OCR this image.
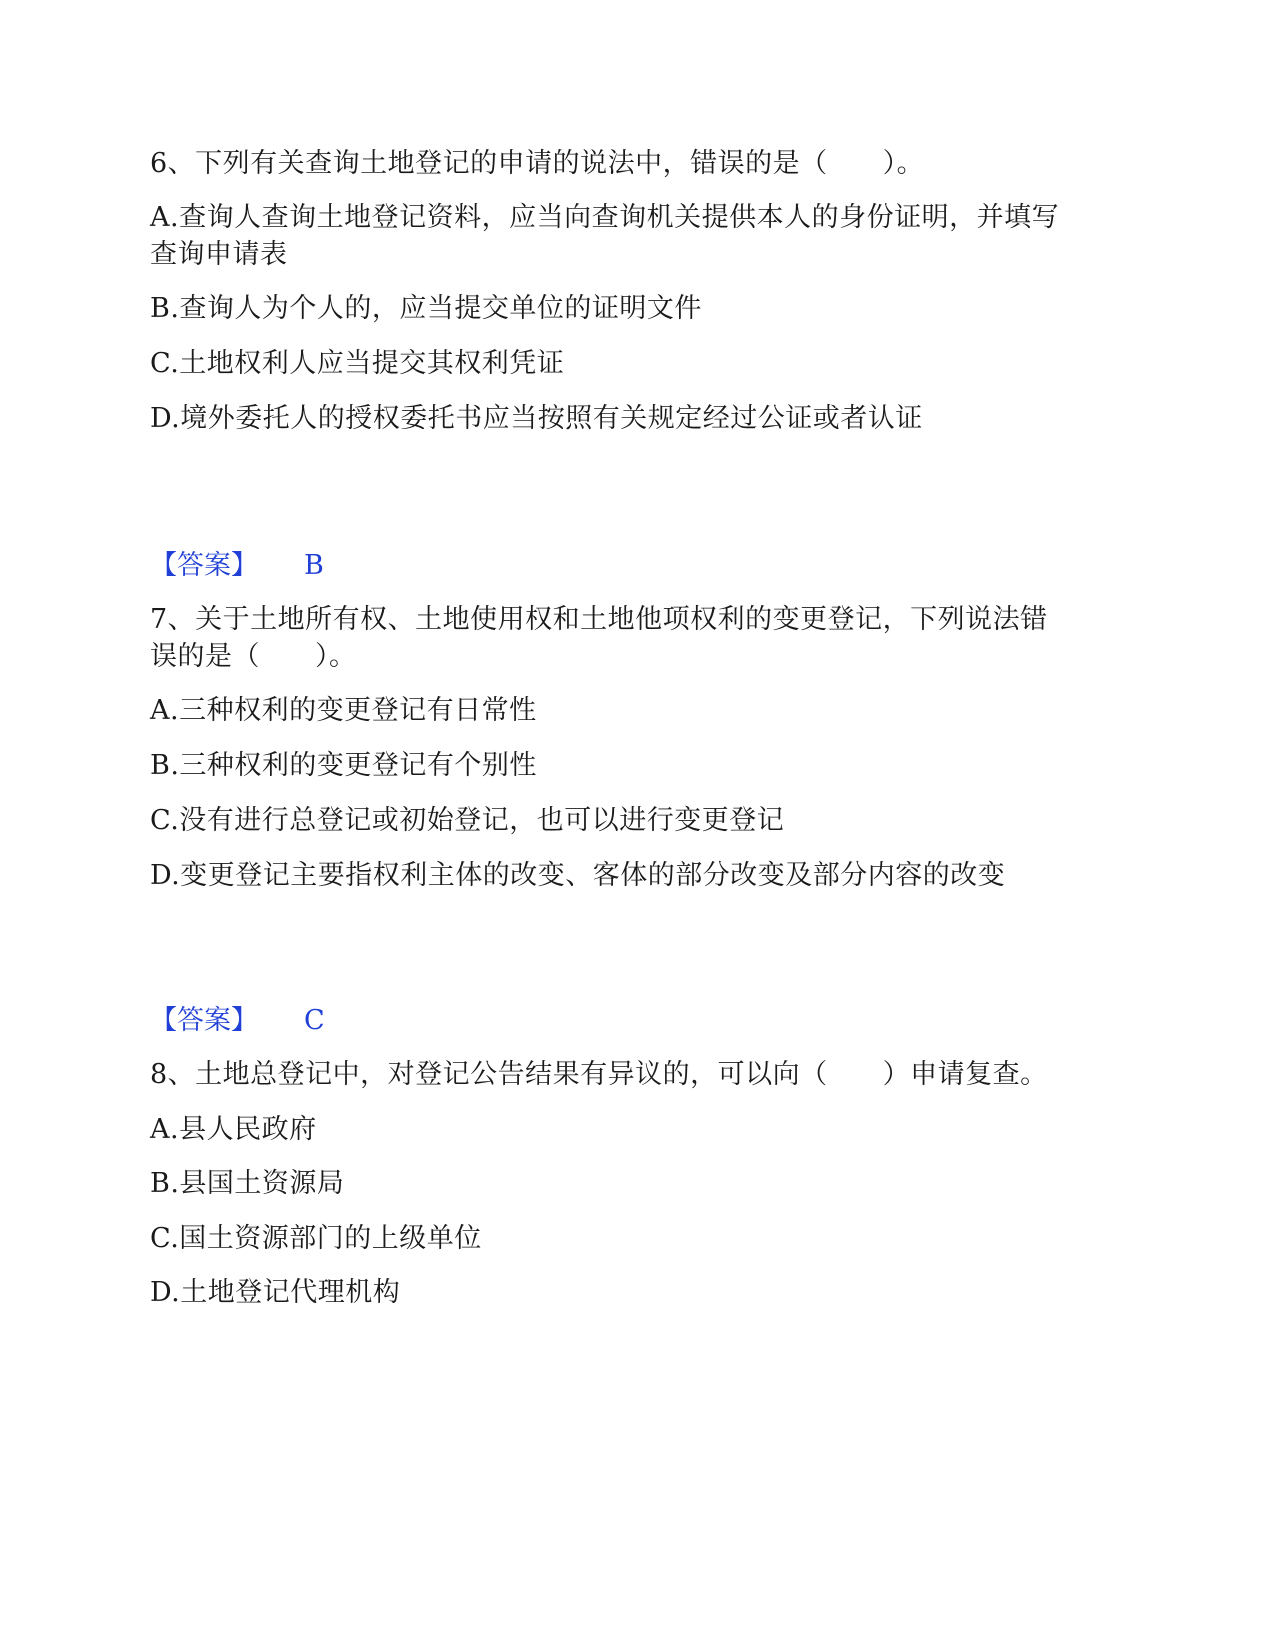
6、下列有关查询土地登记的申请的说法中，错误的是（　　）。
A.查询人查询土地登记资料，应当向查询机关提供本人的身份证明，并填写
查询申请表
B.查询人为个人的，应当提交单位的证明文件
C.土地权利人应当提交其权利凭证
D.境外委托人的授权委托书应当按照有关规定经过公证或者认证
【答案】 B
7、关于土地所有权、土地使用权和土地他项权利的变更登记，下列说法错
误的是（　　）。
A.三种权利的变更登记有日常性
B.三种权利的变更登记有个别性
C.没有进行总登记或初始登记，也可以进行变更登记
D.变更登记主要指权利主体的改变、客体的部分改变及部分内容的改变
【答案】 C
8、土地总登记中，对登记公告结果有异议的，可以向（　　）申请复查。
A.县人民政府
B.县国土资源局
C.国土资源部门的上级单位
D.土地登记代理机构
